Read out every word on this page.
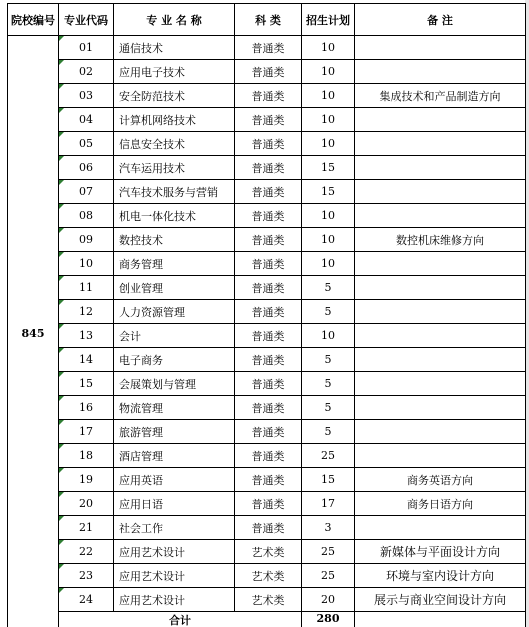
院校编号	专业代码	专 业 名 称	科 类	招生计划	备 注
845	01	通信技术	普通类	10	

02	应用电子技术	普通类	10	

03	安全防范技术	普通类	10	集成技术和产品制造方向

04	计算机网络技术	普通类	10	

05	信息安全技术	普通类	10	

06	汽车运用技术	普通类	15	

07	汽车技术服务与营销	普通类	15	

08	机电一体化技术	普通类	10	

09	数控技术	普通类	10	数控机床维修方向

10	商务管理	普通类	10	

11	创业管理	普通类	5	

12	人力资源管理	普通类	5	

13	会计	普通类	10	

14	电子商务	普通类	5	

15	会展策划与管理	普通类	5	

16	物流管理	普通类	5	

17	旅游管理	普通类	5	

18	酒店管理	普通类	25	

19	应用英语	普通类	15	商务英语方向

20	应用日语	普通类	17	商务日语方向

21	社会工作	普通类	3	

22	应用艺术设计	艺术类	25	新媒体与平面设计方向

23	应用艺术设计	艺术类	25	环境与室内设计方向

24	应用艺术设计	艺术类	20	展示与商业空间设计方向
	合计			280	
